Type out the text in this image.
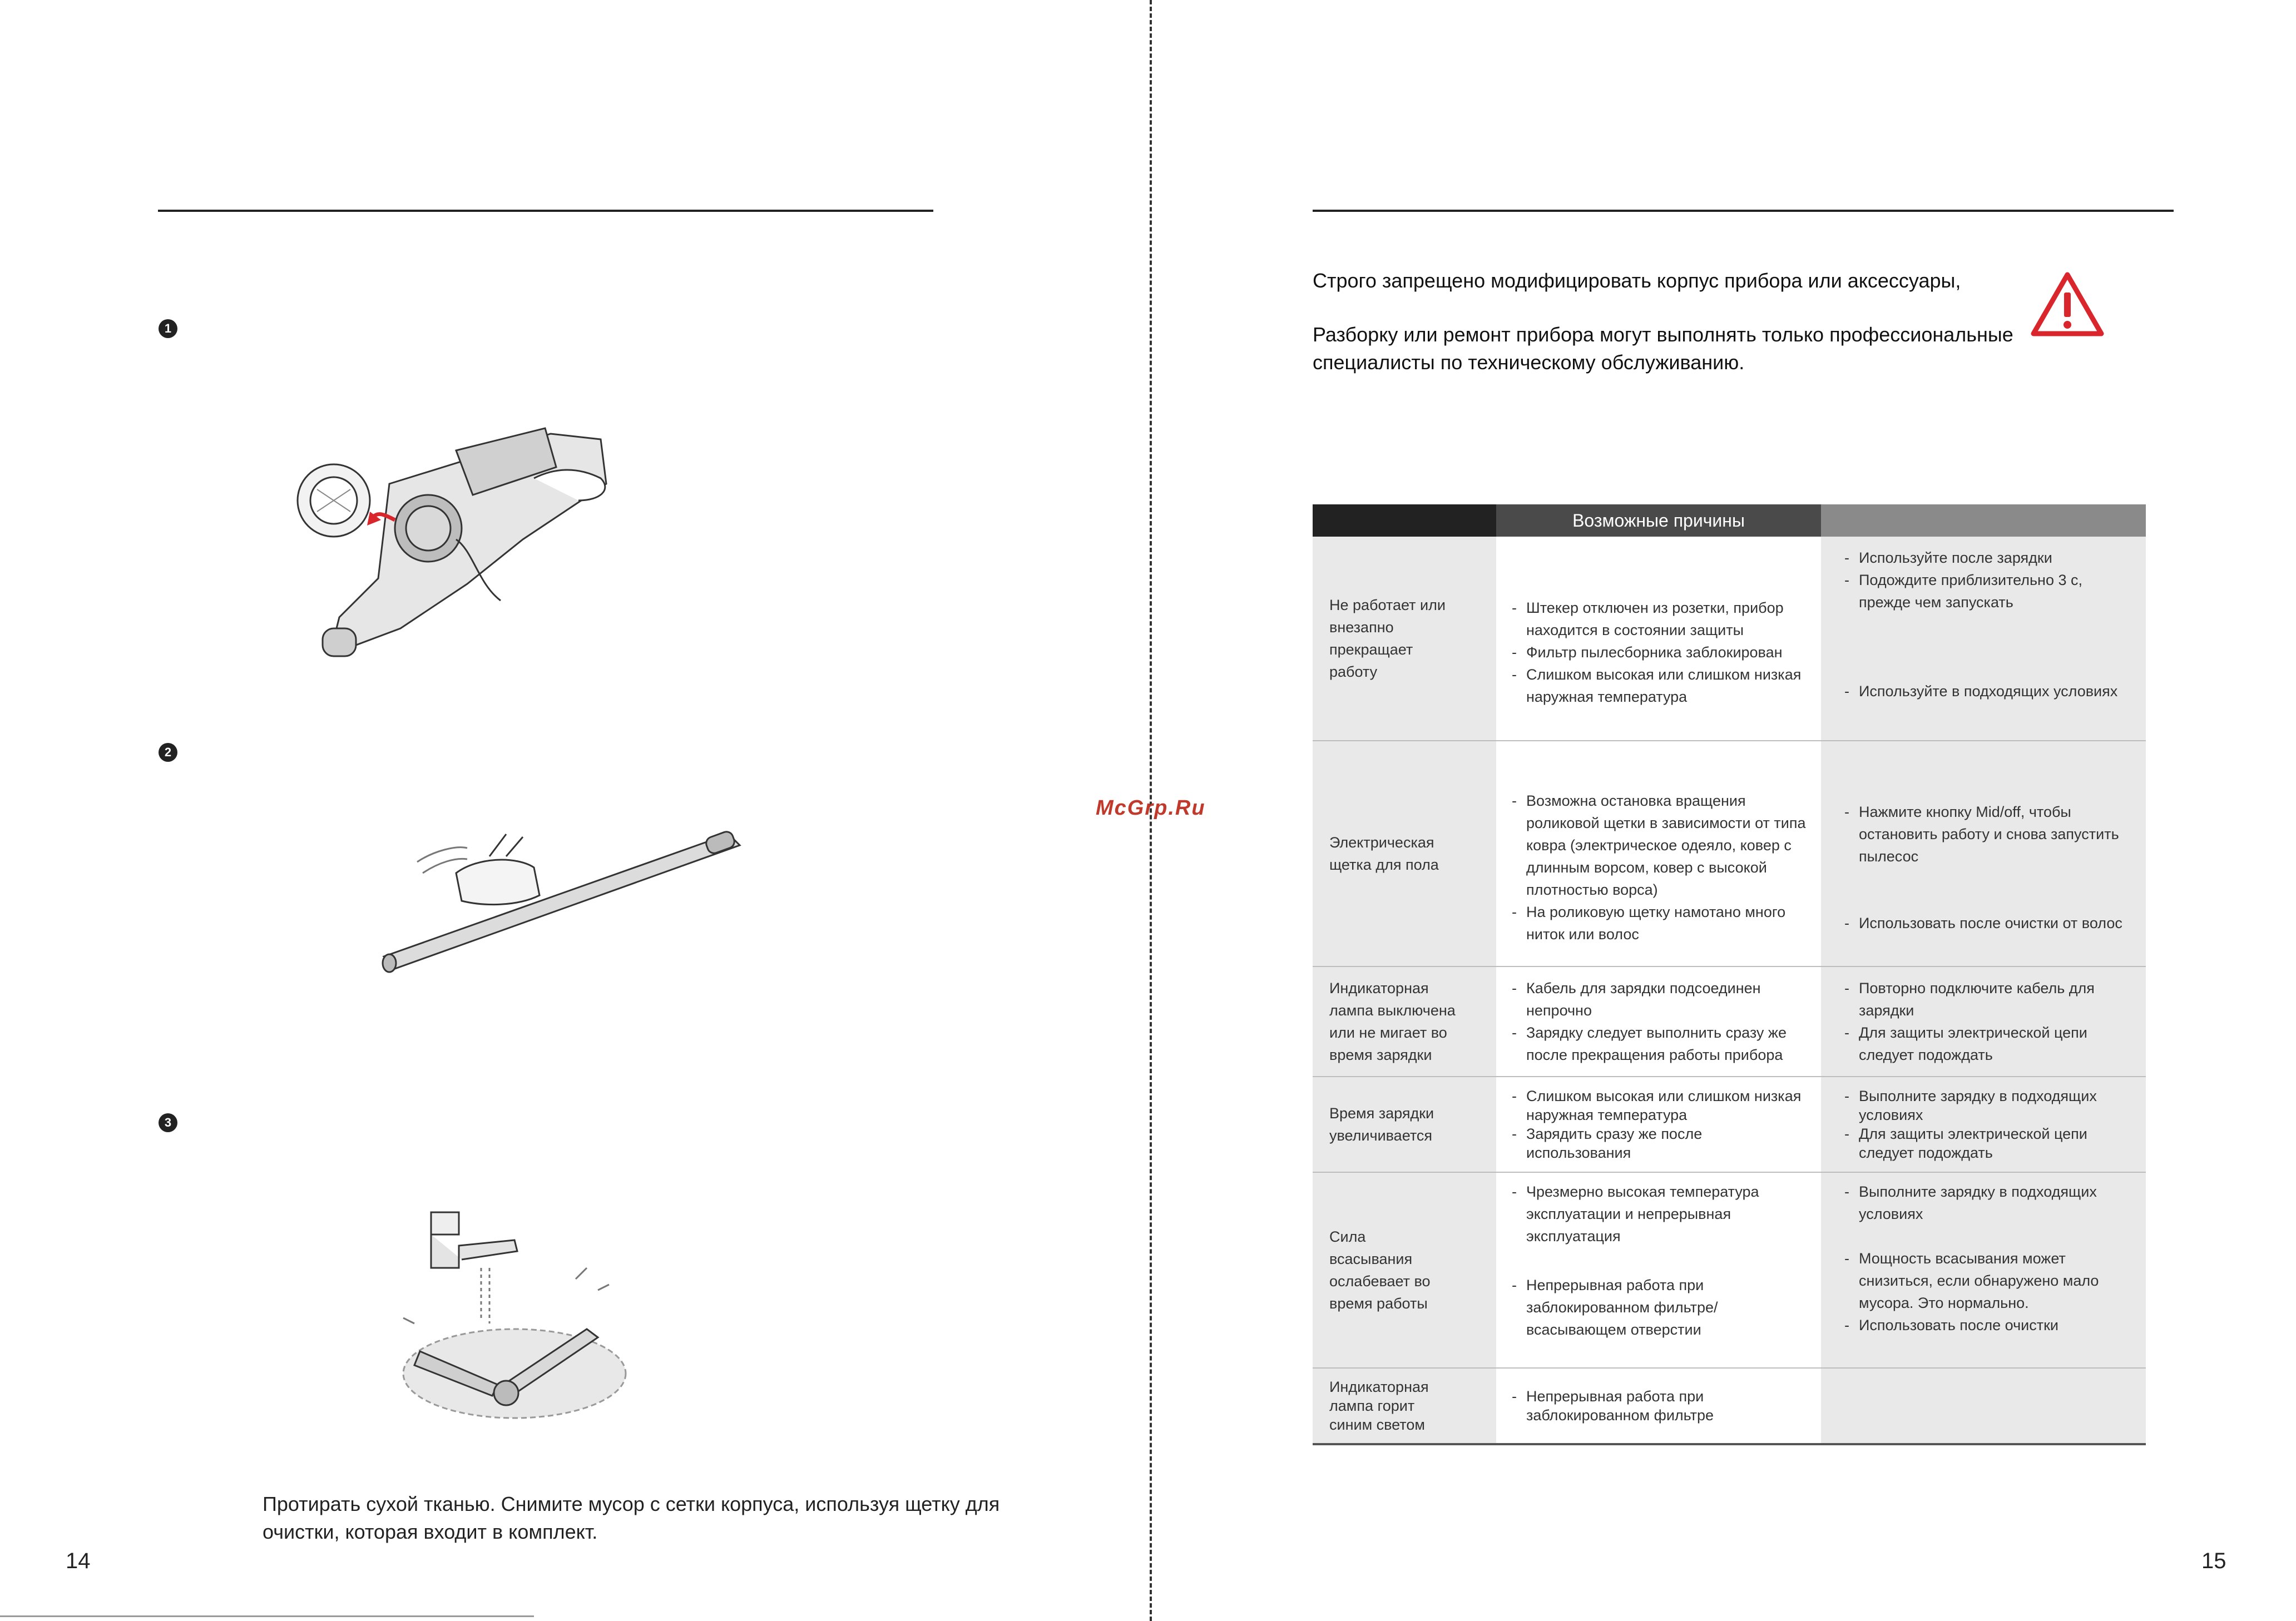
1
2
3
Протирать сухой тканью. Снимите мусор с сетки корпуса, используя щетку для очистки, которая входит в комплект.
14
McGrp.Ru
Строго запрещено модифицировать корпус прибора или аксессуары,
Разборку или ремонт прибора могут выполнять только профессиональные специалисты по техническому обслуживанию.
Возможные причины
Не работает или внезапно прекращает работу
- Штекер отключен из розетки, прибор находится в состоянии защиты
- Фильтр пылесборника заблокирован
- Слишком высокая или слишком низкая наружная температура
- Используйте после зарядки
- Подождите приблизительно 3 с, прежде чем запускать
- Используйте в подходящих условиях
Электрическая щетка для пола
- Возможна остановка вращения роликовой щетки в зависимости от типа ковра (электрическое одеяло, ковер с длинным ворсом, ковер с высокой плотностью ворса)
- На роликовую щетку намотано много ниток или волос
- Нажмите кнопку Mid/off, чтобы остановить работу и снова запустить пылесос
- Использовать после очистки от волос
Индикаторная лампа выключена или не мигает во время зарядки
- Кабель для зарядки подсоединен непрочно
- Зарядку следует выполнить сразу же после прекращения работы прибора
- Повторно подключите кабель для зарядки
- Для защиты электрической цепи следует подождать
Время зарядки увеличивается
- Слишком высокая или слишком низкая наружная температура
- Зарядить сразу же после использования
- Выполните зарядку в подходящих условиях
- Для защиты электрической цепи следует подождать
Сила всасывания ослабевает во время работы
- Чрезмерно высокая температура эксплуатации и непрерывная эксплуатация
- Непрерывная работа при заблокированном фильтре/всасывающем отверстии
- Выполните зарядку в подходящих условиях
- Мощность всасывания может снизиться, если обнаружено мало мусора. Это нормально.
- Использовать после очистки
Индикаторная лампа горит синим светом
- Непрерывная работа при заблокированном фильтре
15
